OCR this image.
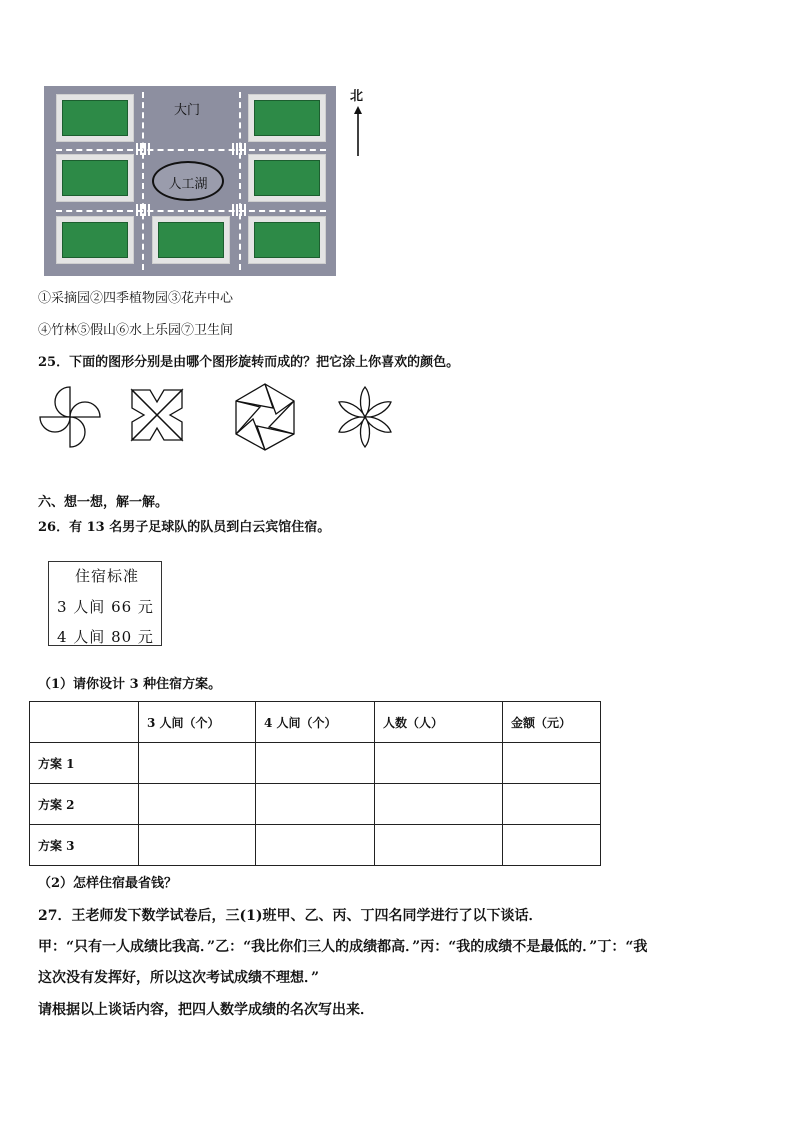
大门
人工湖
北
①采摘园②四季植物园③花卉中心
④竹林⑤假山⑥水上乐园⑦卫生间
25．下面的图形分别是由哪个图形旋转而成的？把它涂上你喜欢的颜色。
六、想一想，解一解。
26．有 13 名男子足球队的队员到白云宾馆住宿。
住宿标准
3 人间 66 元
4 人间 80 元
（1）请你设计 3 种住宿方案。
	3 人间（个）	4 人间（个）	人数（人）	金额（元）
方案 1				
方案 2				
方案 3				
（2）怎样住宿最省钱？
27．王老师发下数学试卷后，三(1)班甲、乙、丙、丁四名同学进行了以下谈话．
甲：“只有一人成绩比我高．”乙：“我比你们三人的成绩都高．”丙：“我的成绩不是最低的．”丁：“我
这次没有发挥好，所以这次考试成绩不理想．”
请根据以上谈话内容，把四人数学成绩的名次写出来．
